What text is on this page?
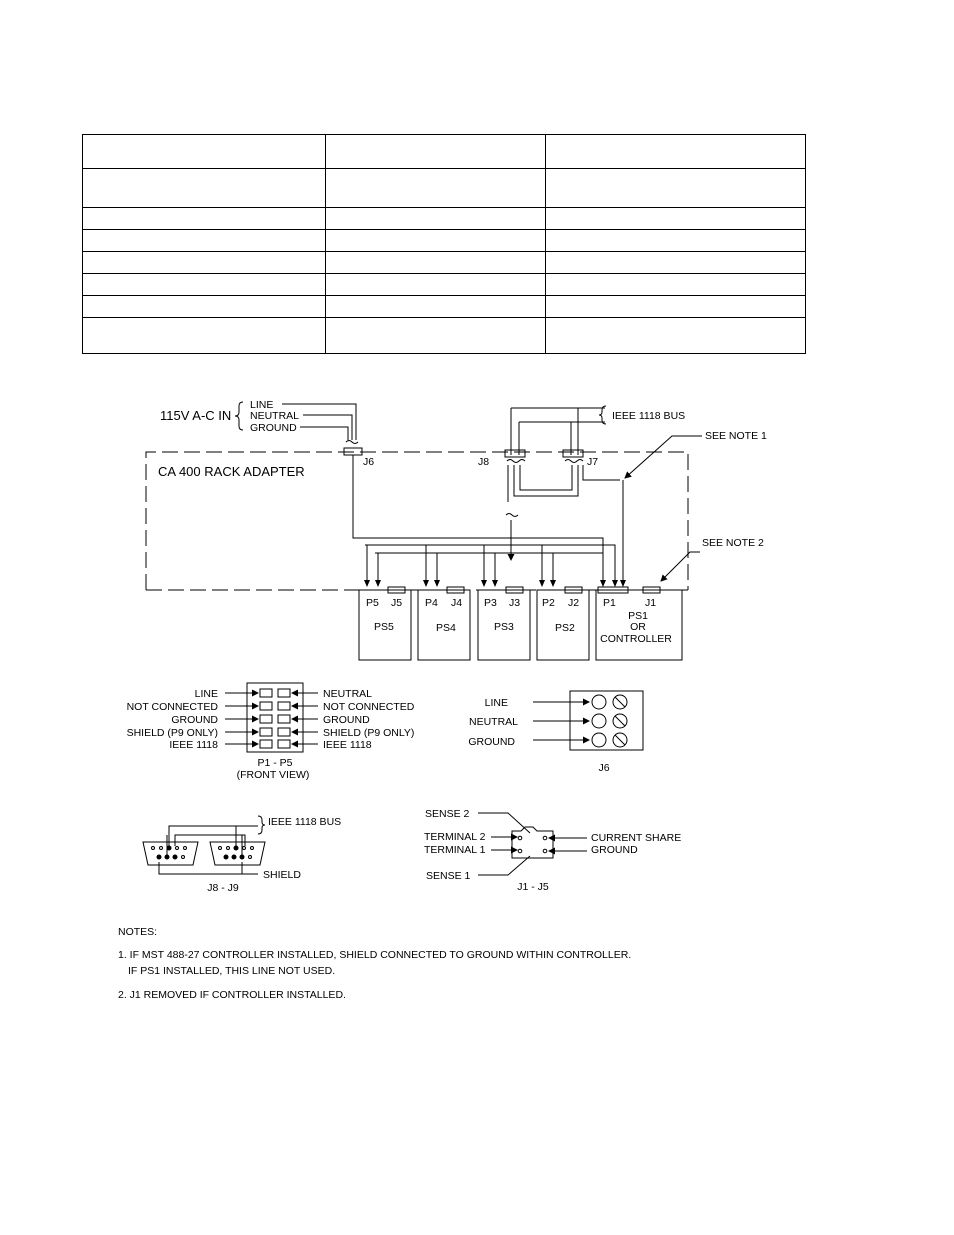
115V A-C IN
LINE
NEUTRAL
GROUND
J6
CA 400 RACK ADAPTER
IEEE 1118 BUS
J8	J7
SEE NOTE 1
SEE NOTE 2
P5 J5
PS5
P4 J4
PS4
P3 J3
PS3
P2 J2
PS2
P1	J1
PS1
OR
CONTROLLER
LINE
NOT CONNECTED
GROUND
SHIELD (P9 ONLY)
IEEE 1118
NEUTRAL
NOT CONNECTED
GROUND
SHIELD (P9 ONLY)
IEEE 1118
P1 - P5
(FRONT VIEW)
LINE
NEUTRAL
GROUND
J6
IEEE 1118 BUS
SHIELD
J8 - J9
SENSE 2
TERMINAL 2
TERMINAL 1
SENSE 1
CURRENT SHARE
GROUND
J1 - J5
NOTES:
1. IF MST 488-27 CONTROLLER INSTALLED, SHIELD CONNECTED TO GROUND WITHIN CONTROLLER.
IF PS1 INSTALLED, THIS LINE NOT USED.
2. J1 REMOVED IF CONTROLLER INSTALLED.
